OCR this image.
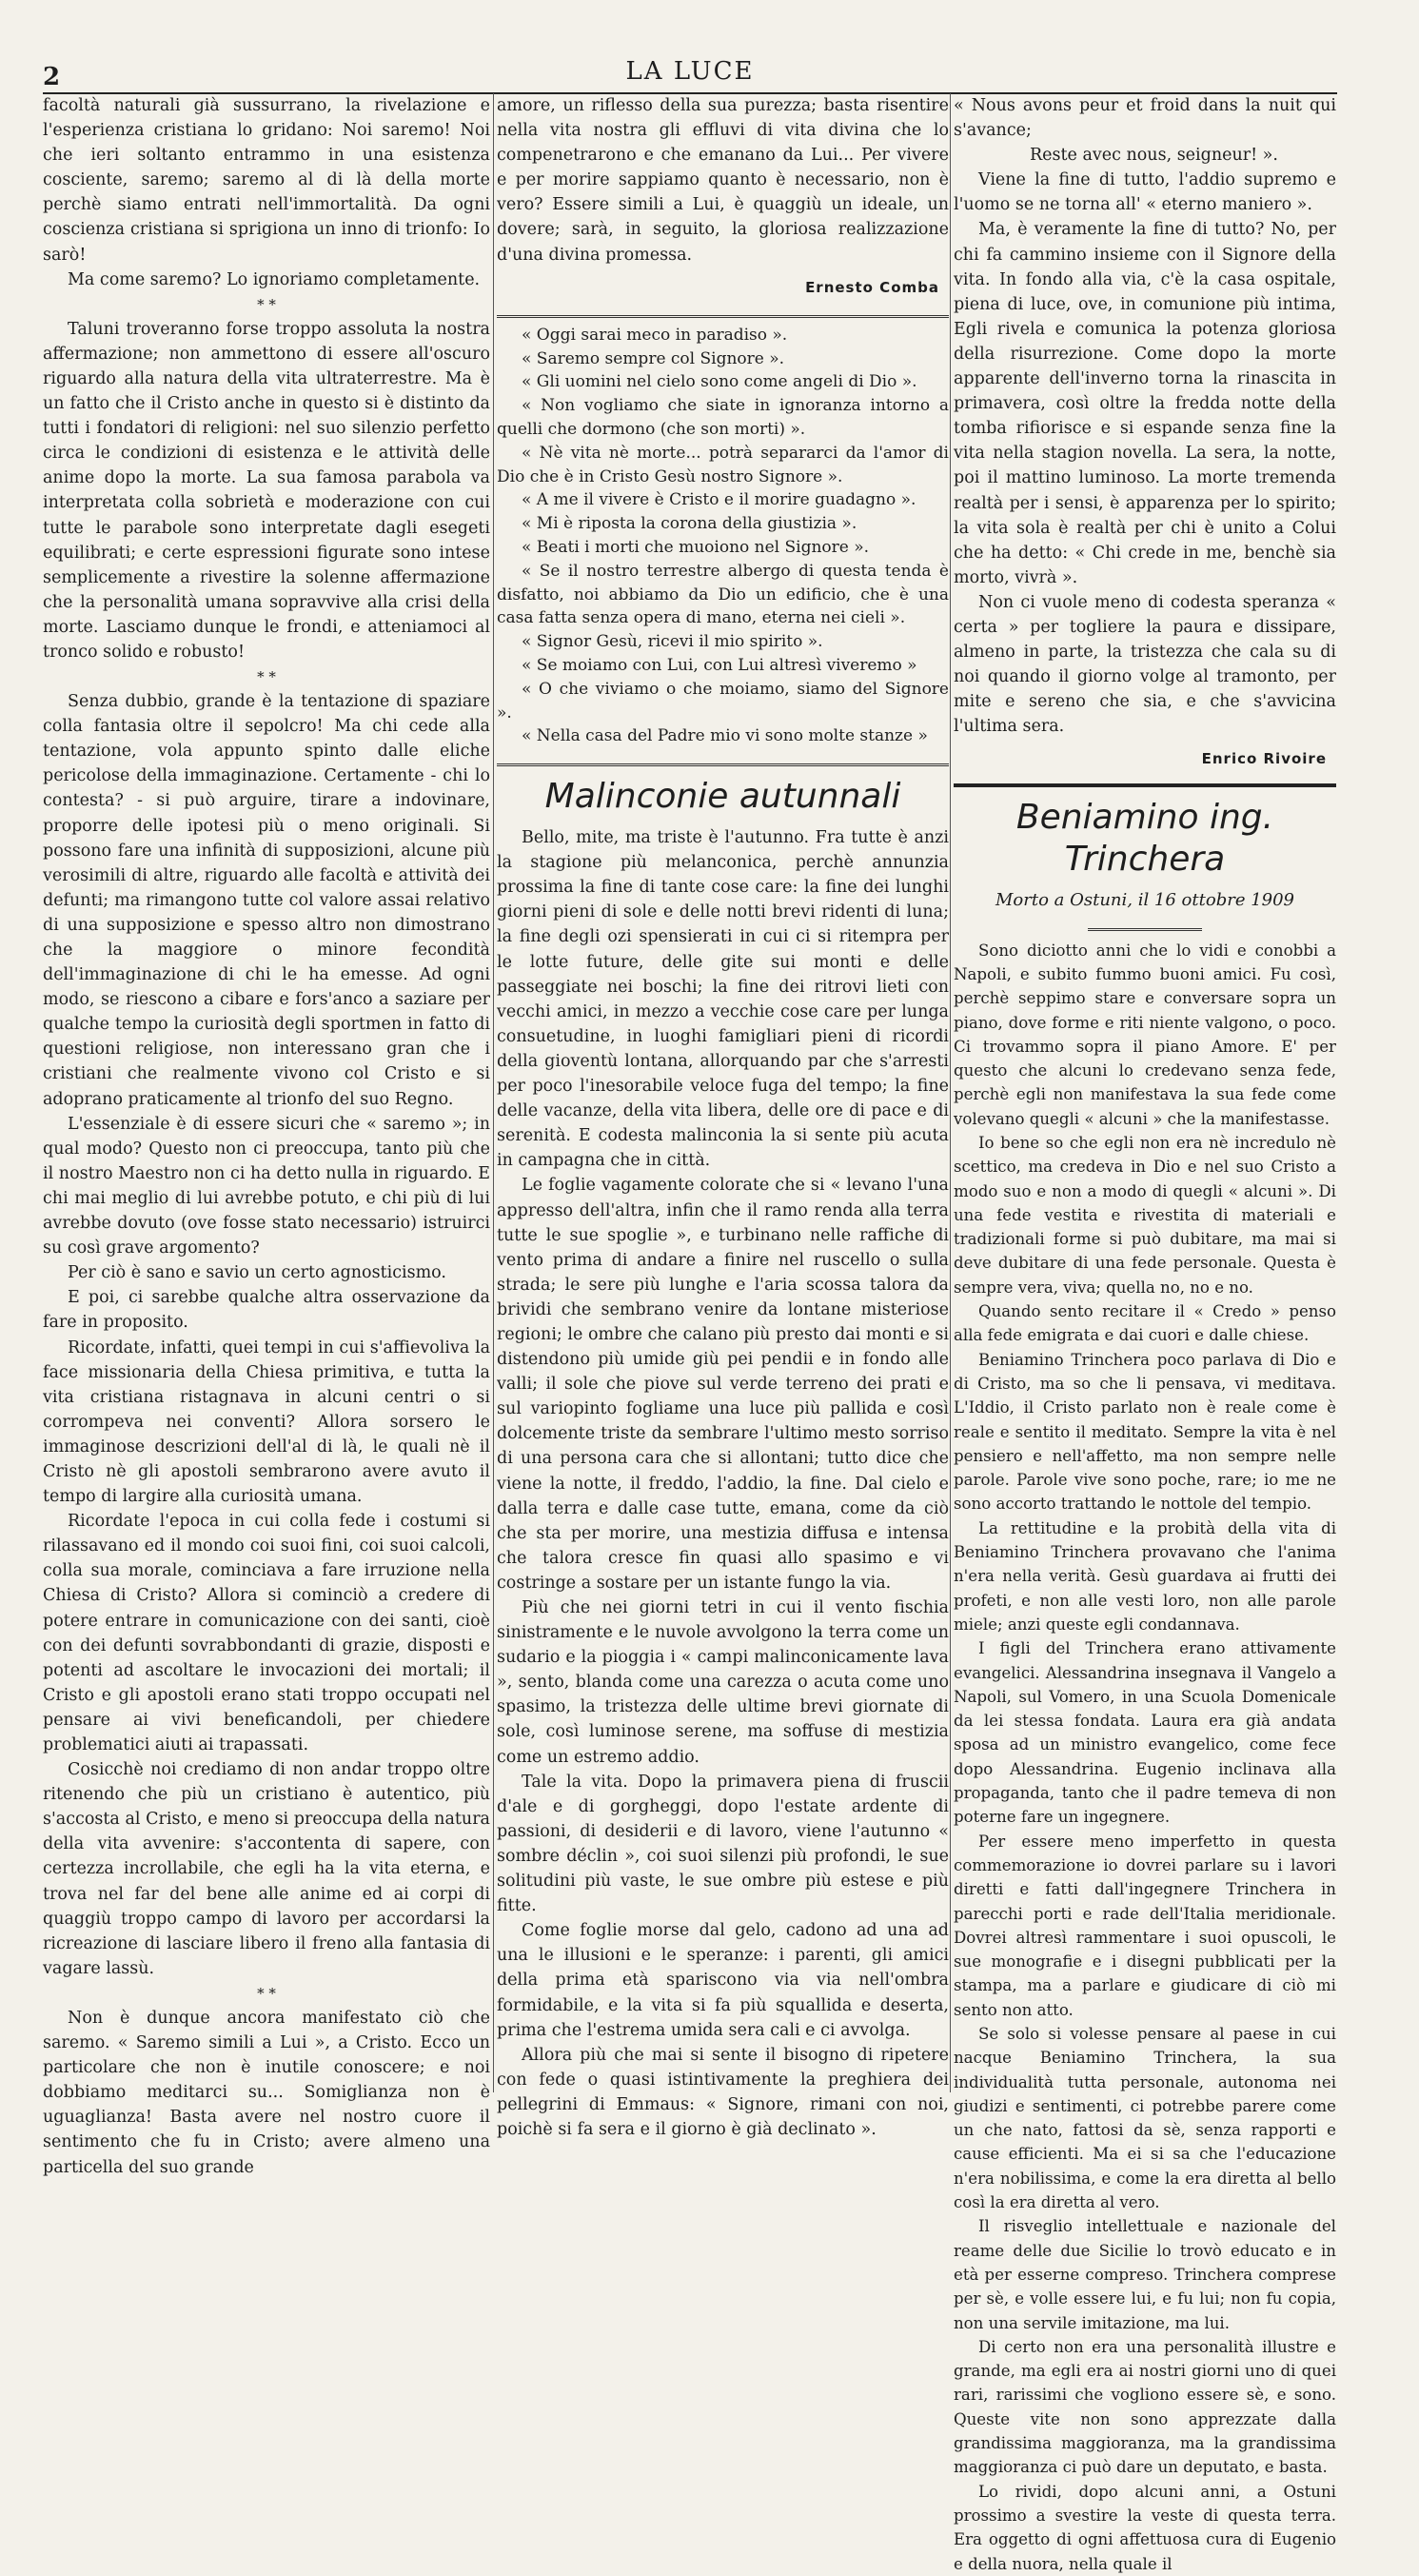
2	LA LUCE

facoltà naturali già sussurrano, la rivelazione e l'esperienza cristiana lo gridano: Noi saremo! Noi che ieri soltanto entrammo in una esistenza cosciente, saremo; saremo al di là della morte perchè siamo entrati nell'immortalità. Da ogni coscienza cristiana si sprigiona un inno di trionfo: Io sarò!

Ma come saremo? Lo ignoriamo completamente.

* *

Taluni troveranno forse troppo assoluta la nostra affermazione; non ammettono di essere all'oscuro riguardo alla natura della vita ultraterrestre. Ma è un fatto che il Cristo anche in questo si è distinto da tutti i fondatori di religioni: nel suo silenzio perfetto circa le condizioni di esistenza e le attività delle anime dopo la morte. La sua famosa parabola va interpretata colla sobrietà e moderazione con cui tutte le parabole sono interpretate dagli esegeti equilibrati; e certe espressioni figurate sono intese semplicemente a rivestire la solenne affermazione che la personalità umana sopravvive alla crisi della morte. Lasciamo dunque le frondi, e atteniamoci al tronco solido e robusto!

* *

Senza dubbio, grande è la tentazione di spaziare colla fantasia oltre il sepolcro! Ma chi cede alla tentazione, vola appunto spinto dalle eliche pericolose della immaginazione. Certamente - chi lo contesta? - si può arguire, tirare a indovinare, proporre delle ipotesi più o meno originali. Si possono fare una infinità di supposizioni, alcune più verosimili di altre, riguardo alle facoltà e attività dei defunti; ma rimangono tutte col valore assai relativo di una supposizione e spesso altro non dimostrano che la maggiore o minore fecondità dell'immaginazione di chi le ha emesse. Ad ogni modo, se riescono a cibare e fors'anco a saziare per qualche tempo la curiosità degli sportmen in fatto di questioni religiose, non interessano gran che i cristiani che realmente vivono col Cristo e si adoprano praticamente al trionfo del suo Regno.

L'essenziale è di essere sicuri che « saremo »; in qual modo? Questo non ci preoccupa, tanto più che il nostro Maestro non ci ha detto nulla in riguardo. E chi mai meglio di lui avrebbe potuto, e chi più di lui avrebbe dovuto (ove fosse stato necessario) istruirci su così grave argomento?

Per ciò è sano e savio un certo agnosticismo.

E poi, ci sarebbe qualche altra osservazione da fare in proposito.

Ricordate, infatti, quei tempi in cui s'affievoliva la face missionaria della Chiesa primitiva, e tutta la vita cristiana ristagnava in alcuni centri o si corrompeva nei conventi? Allora sorsero le immaginose descrizioni dell'al di là, le quali nè il Cristo nè gli apostoli sembrarono avere avuto il tempo di largire alla curiosità umana.

Ricordate l'epoca in cui colla fede i costumi si rilassavano ed il mondo coi suoi fini, coi suoi calcoli, colla sua morale, cominciava a fare irruzione nella Chiesa di Cristo? Allora si cominciò a credere di potere entrare in comunicazione con dei santi, cioè con dei defunti sovrabbondanti di grazie, disposti e potenti ad ascoltare le invocazioni dei mortali; il Cristo e gli apostoli erano stati troppo occupati nel pensare ai vivi beneficandoli, per chiedere problematici aiuti ai trapassati.

Cosicchè noi crediamo di non andar troppo oltre ritenendo che più un cristiano è autentico, più s'accosta al Cristo, e meno si preoccupa della natura della vita avvenire: s'accontenta di sapere, con certezza incrollabile, che egli ha la vita eterna, e trova nel far del bene alle anime ed ai corpi di quaggiù troppo campo di lavoro per accordarsi la ricreazione di lasciare libero il freno alla fantasia di vagare lassù.

* *

Non è dunque ancora manifestato ciò che saremo. « Saremo simili a Lui », a Cristo. Ecco un particolare che non è inutile conoscere; e noi dobbiamo meditarci su... Somiglianza non è uguaglianza! Basta avere nel nostro cuore il sentimento che fu in Cristo; avere almeno una particella del suo grande

amore, un riflesso della sua purezza; basta risentire nella vita nostra gli effluvi di vita divina che lo compenetrarono e che emanano da Lui... Per vivere e per morire sappiamo quanto è necessario, non è vero? Essere simili a Lui, è quaggiù un ideale, un dovere; sarà, in seguito, la gloriosa realizzazione d'una divina promessa.

Ernesto Comba

« Oggi sarai meco in paradiso ».

« Saremo sempre col Signore ».

« Gli uomini nel cielo sono come angeli di Dio ».

« Non vogliamo che siate in ignoranza intorno a quelli che dormono (che son morti) ».

« Nè vita nè morte... potrà separarci da l'amor di Dio che è in Cristo Gesù nostro Signore ».

« A me il vivere è Cristo e il morire guadagno ».

« Mi è riposta la corona della giustizia ».

« Beati i morti che muoiono nel Signore ».

« Se il nostro terrestre albergo di questa tenda è disfatto, noi abbiamo da Dio un edificio, che è una casa fatta senza opera di mano, eterna nei cieli ».

« Signor Gesù, ricevi il mio spirito ».

« Se moiamo con Lui, con Lui altresì viveremo »

« O che viviamo o che moiamo, siamo del Signore ».

« Nella casa del Padre mio vi sono molte stanze »

Malinconie autunnali

Bello, mite, ma triste è l'autunno. Fra tutte è anzi la stagione più melanconica, perchè annunzia prossima la fine di tante cose care: la fine dei lunghi giorni pieni di sole e delle notti brevi ridenti di luna; la fine degli ozi spensierati in cui ci si ritempra per le lotte future, delle gite sui monti e delle passeggiate nei boschi; la fine dei ritrovi lieti con vecchi amici, in mezzo a vecchie cose care per lunga consuetudine, in luoghi famigliari pieni di ricordi della gioventù lontana, allorquando par che s'arresti per poco l'inesorabile veloce fuga del tempo; la fine delle vacanze, della vita libera, delle ore di pace e di serenità. E codesta malinconia la si sente più acuta in campagna che in città.

Le foglie vagamente colorate che si « levano l'una appresso dell'altra, infin che il ramo renda alla terra tutte le sue spoglie », e turbinano nelle raffiche di vento prima di andare a finire nel ruscello o sulla strada; le sere più lunghe e l'aria scossa talora da brividi che sembrano venire da lontane misteriose regioni; le ombre che calano più presto dai monti e si distendono più umide giù pei pendii e in fondo alle valli; il sole che piove sul verde terreno dei prati e sul variopinto fogliame una luce più pallida e così dolcemente triste da sembrare l'ultimo mesto sorriso di una persona cara che si allontani; tutto dice che viene la notte, il freddo, l'addio, la fine. Dal cielo e dalla terra e dalle case tutte, emana, come da ciò che sta per morire, una mestizia diffusa e intensa che talora cresce fin quasi allo spasimo e vi costringe a sostare per un istante fungo la via.

Più che nei giorni tetri in cui il vento fischia sinistramente e le nuvole avvolgono la terra come un sudario e la pioggia i « campi malinconicamente lava », sento, blanda come una carezza o acuta come uno spasimo, la tristezza delle ultime brevi giornate di sole, così luminose serene, ma soffuse di mestizia come un estremo addio.

Tale la vita. Dopo la primavera piena di fruscii d'ale e di gorgheggi, dopo l'estate ardente di passioni, di desiderii e di lavoro, viene l'autunno « sombre déclin », coi suoi silenzi più profondi, le sue solitudini più vaste, le sue ombre più estese e più fitte.

Come foglie morse dal gelo, cadono ad una ad una le illusioni e le speranze: i parenti, gli amici della prima età spariscono via via nell'ombra formidabile, e la vita si fa più squallida e deserta, prima che l'estrema umida sera cali e ci avvolga.

Allora più che mai si sente il bisogno di ripetere con fede o quasi istintivamente la preghiera dei pellegrini di Emmaus: « Signore, rimani con noi, poichè si fa sera e il giorno è già declinato ».

« Nous avons peur et froid dans la nuit qui s'avance;

Reste avec nous, seigneur! ».

Viene la fine di tutto, l'addio supremo e l'uomo se ne torna all' « eterno maniero ».

Ma, è veramente la fine di tutto? No, per chi fa cammino insieme con il Signore della vita. In fondo alla via, c'è la casa ospitale, piena di luce, ove, in comunione più intima, Egli rivela e comunica la potenza gloriosa della risurrezione. Come dopo la morte apparente dell'inverno torna la rinascita in primavera, così oltre la fredda notte della tomba rifiorisce e si espande senza fine la vita nella stagion novella. La sera, la notte, poi il mattino luminoso. La morte tremenda realtà per i sensi, è apparenza per lo spirito; la vita sola è realtà per chi è unito a Colui che ha detto: « Chi crede in me, benchè sia morto, vivrà ».

Non ci vuole meno di codesta speranza « certa » per togliere la paura e dissipare, almeno in parte, la tristezza che cala su di noi quando il giorno volge al tramonto, per mite e sereno che sia, e che s'avvicina l'ultima sera.

Enrico Rivoire
Beniamino ing. Trinchera
Morto a Ostuni, il 16 ottobre 1909

Sono diciotto anni che lo vidi e conobbi a Napoli, e subito fummo buoni amici. Fu così, perchè seppimo stare e conversare sopra un piano, dove forme e riti niente valgono, o poco. Ci trovammo sopra il piano Amore. E' per questo che alcuni lo credevano senza fede, perchè egli non manifestava la sua fede come volevano quegli « alcuni » che la manifestasse.

Io bene so che egli non era nè incredulo nè scettico, ma credeva in Dio e nel suo Cristo a modo suo e non a modo di quegli « alcuni ». Di una fede vestita e rivestita di materiali e tradizionali forme si può dubitare, ma mai si deve dubitare di una fede personale. Questa è sempre vera, viva; quella no, no e no.

Quando sento recitare il « Credo » penso alla fede emigrata e dai cuori e dalle chiese.

Beniamino Trinchera poco parlava di Dio e di Cristo, ma so che li pensava, vi meditava. L'Iddio, il Cristo parlato non è reale come è reale e sentito il meditato. Sempre la vita è nel pensiero e nell'affetto, ma non sempre nelle parole. Parole vive sono poche, rare; io me ne sono accorto trattando le nottole del tempio.

La rettitudine e la probità della vita di Beniamino Trinchera provavano che l'anima n'era nella verità. Gesù guardava ai frutti dei profeti, e non alle vesti loro, non alle parole miele; anzi queste egli condannava.

I figli del Trinchera erano attivamente evangelici. Alessandrina insegnava il Vangelo a Napoli, sul Vomero, in una Scuola Domenicale da lei stessa fondata. Laura era già andata sposa ad un ministro evangelico, come fece dopo Alessandrina. Eugenio inclinava alla propaganda, tanto che il padre temeva di non poterne fare un ingegnere.

Per essere meno imperfetto in questa commemorazione io dovrei parlare su i lavori diretti e fatti dall'ingegnere Trinchera in parecchi porti e rade dell'Italia meridionale. Dovrei altresì rammentare i suoi opuscoli, le sue monografie e i disegni pubblicati per la stampa, ma a parlare e giudicare di ciò mi sento non atto.

Se solo si volesse pensare al paese in cui nacque Beniamino Trinchera, la sua individualità tutta personale, autonoma nei giudizi e sentimenti, ci potrebbe parere come un che nato, fattosi da sè, senza rapporti e cause efficienti. Ma ei si sa che l'educazione n'era nobilissima, e come la era diretta al bello così la era diretta al vero.

Il risveglio intellettuale e nazionale del reame delle due Sicilie lo trovò educato e in età per esserne compreso. Trinchera comprese per sè, e volle essere lui, e fu lui; non fu copia, non una servile imitazione, ma lui.

Di certo non era una personalità illustre e grande, ma egli era ai nostri giorni uno di quei rari, rarissimi che vogliono essere sè, e sono. Queste vite non sono apprezzate dalla grandissima maggioranza, ma la grandissima maggioranza ci può dare un deputato, e basta.

Lo rividi, dopo alcuni anni, a Ostuni prossimo a svestire la veste di questa terra. Era oggetto di ogni affettuosa cura di Eugenio e della nuora, nella quale il
